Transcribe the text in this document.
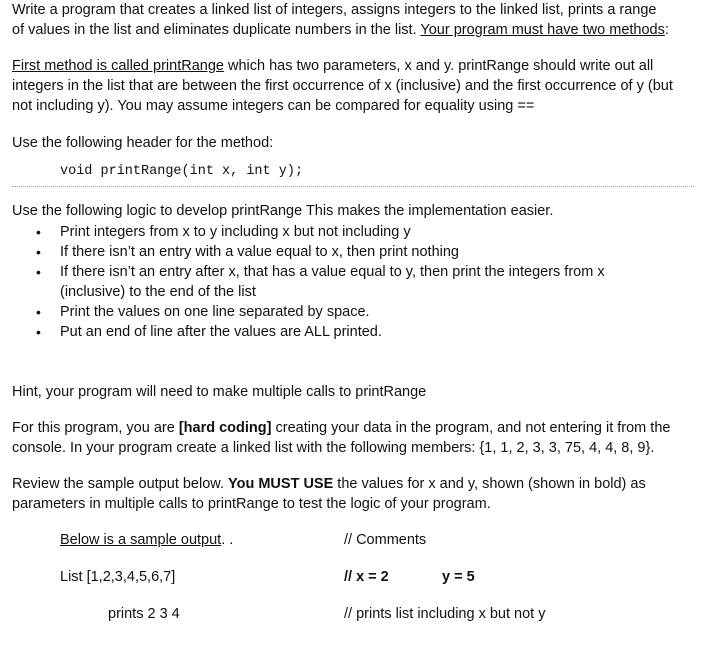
Write a program that creates a linked list of integers, assigns integers to the linked list, prints a range

of values in the list and eliminates duplicate numbers in the list. Your program must have two methods:

First method is called printRange which has two parameters, x and y. printRange should write out all

integers in the list that are between the first occurrence of x (inclusive) and the first occurrence of y (but

not including y). You may assume integers can be compared for equality using ==

Use the following header for the method:

void printRange(int x, int y);

Use the following logic to develop printRange This makes the implementation easier.

• Print integers from x to y including x but not including y
• If there isn’t an entry with a value equal to x, then print nothing
• If there isn’t an entry after x, that has a value equal to y, then print the integers from x (inclusive) to the end of the list
• Print the values on one line separated by space.
• Put an end of line after the values are ALL printed.

Hint, your program will need to make multiple calls to printRange

For this program, you are [hard coding] creating your data in the program, and not entering it from the console. In your program create a linked list with the following members: {1, 1, 2, 3, 3, 75, 4, 4, 8, 9}.

Review the sample output below. You MUST USE the values for x and y, shown (shown in bold) as parameters in multiple calls to printRange to test the logic of your program.

Below is a sample output. .	// Comments
List [1,2,3,4,5,6,7]	// x = 2	y = 5
prints 2 3 4	// prints list including x but not y
